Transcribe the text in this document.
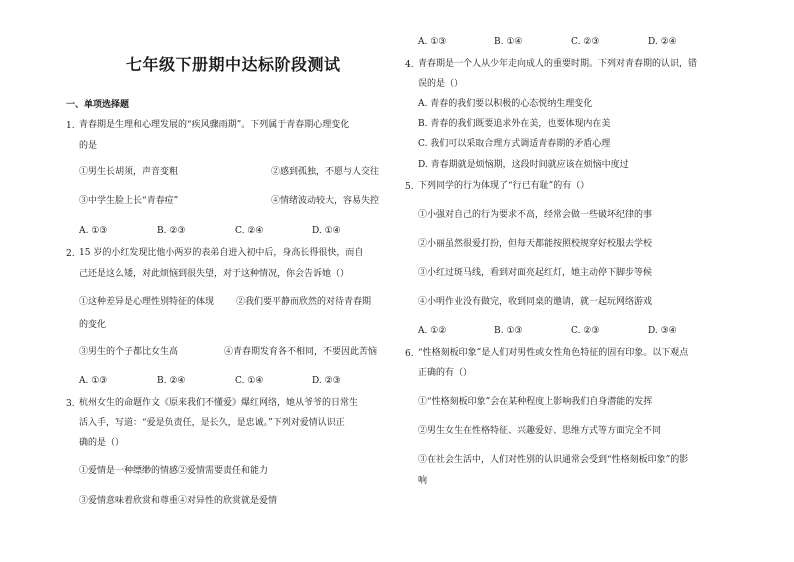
七年级下册期中达标阶段测试
一、单项选择题
1. 青春期是生理和心理发展的“疾风骤雨期”。下列属于青春期心理变化
的是
①男生长胡须，声音变粗	②感到孤独，不愿与人交往
③中学生脸上长“青春痘”	④情绪波动较大，容易失控
A. ①③	B. ②③	C. ②④	D. ①④
2. 15 岁的小红发现比他小两岁的表弟自进入初中后，身高长得很快，而自
己还是这么矮，对此烦恼到很失望，对于这种情况，你会告诉她（）
①这种差异是心理性别特征的体现 ②我们要平静而欣然的对待青春期
的变化
③男生的个子都比女生高	④青春期发育各不相同，不要因此苦恼
A. ①③	B. ②④	C. ①④	D. ②③
3. 杭州女生的命题作文《原来我们不懂爱》爆红网络，她从爷爷的日常生
活入手，写道：“爱是负责任，是长久，是忠诚。”下列对爱情认识正
确的是（）
①爱情是一种缥缈的情感②爱情需要责任和能力
③爱情意味着欣赏和尊重④对异性的欣赏就是爱情
A. ①③	B. ①④	C. ②③	D. ②④
4. 青春期是一个人从少年走向成人的重要时期。下列对青春期的认识，错
误的是（）
A. 青春的我们要以积极的心态悦纳生理变化
B. 青春的我们既要追求外在美，也要体现内在美
C. 我们可以采取合理方式调适青春期的矛盾心理
D. 青春期就是烦恼期，这段时间就应该在烦恼中度过
5. 下列同学的行为体现了“行已有耻”的有（）
①小强对自己的行为要求不高，经常会做一些破坏纪律的事
②小丽虽然很爱打扮，但每天都能按照校规穿好校服去学校
③小红过斑马线，看到对面亮起红灯，她主动停下脚步等候
④小明作业没有做完，收到同桌的邀请，就一起玩网络游戏
A. ①②	B. ①③	C. ②③	D. ③④
6. “性格刻板印象”是人们对男性或女性角色特征的固有印象。以下观点
正确的有（）
①“性格刻板印象”会在某种程度上影响我们自身潜能的发挥
②男生女生在性格特征、兴趣爱好、思维方式等方面完全不同
③在社会生活中，人们对性别的认识通常会受到“性格刻板印象”的影
响
